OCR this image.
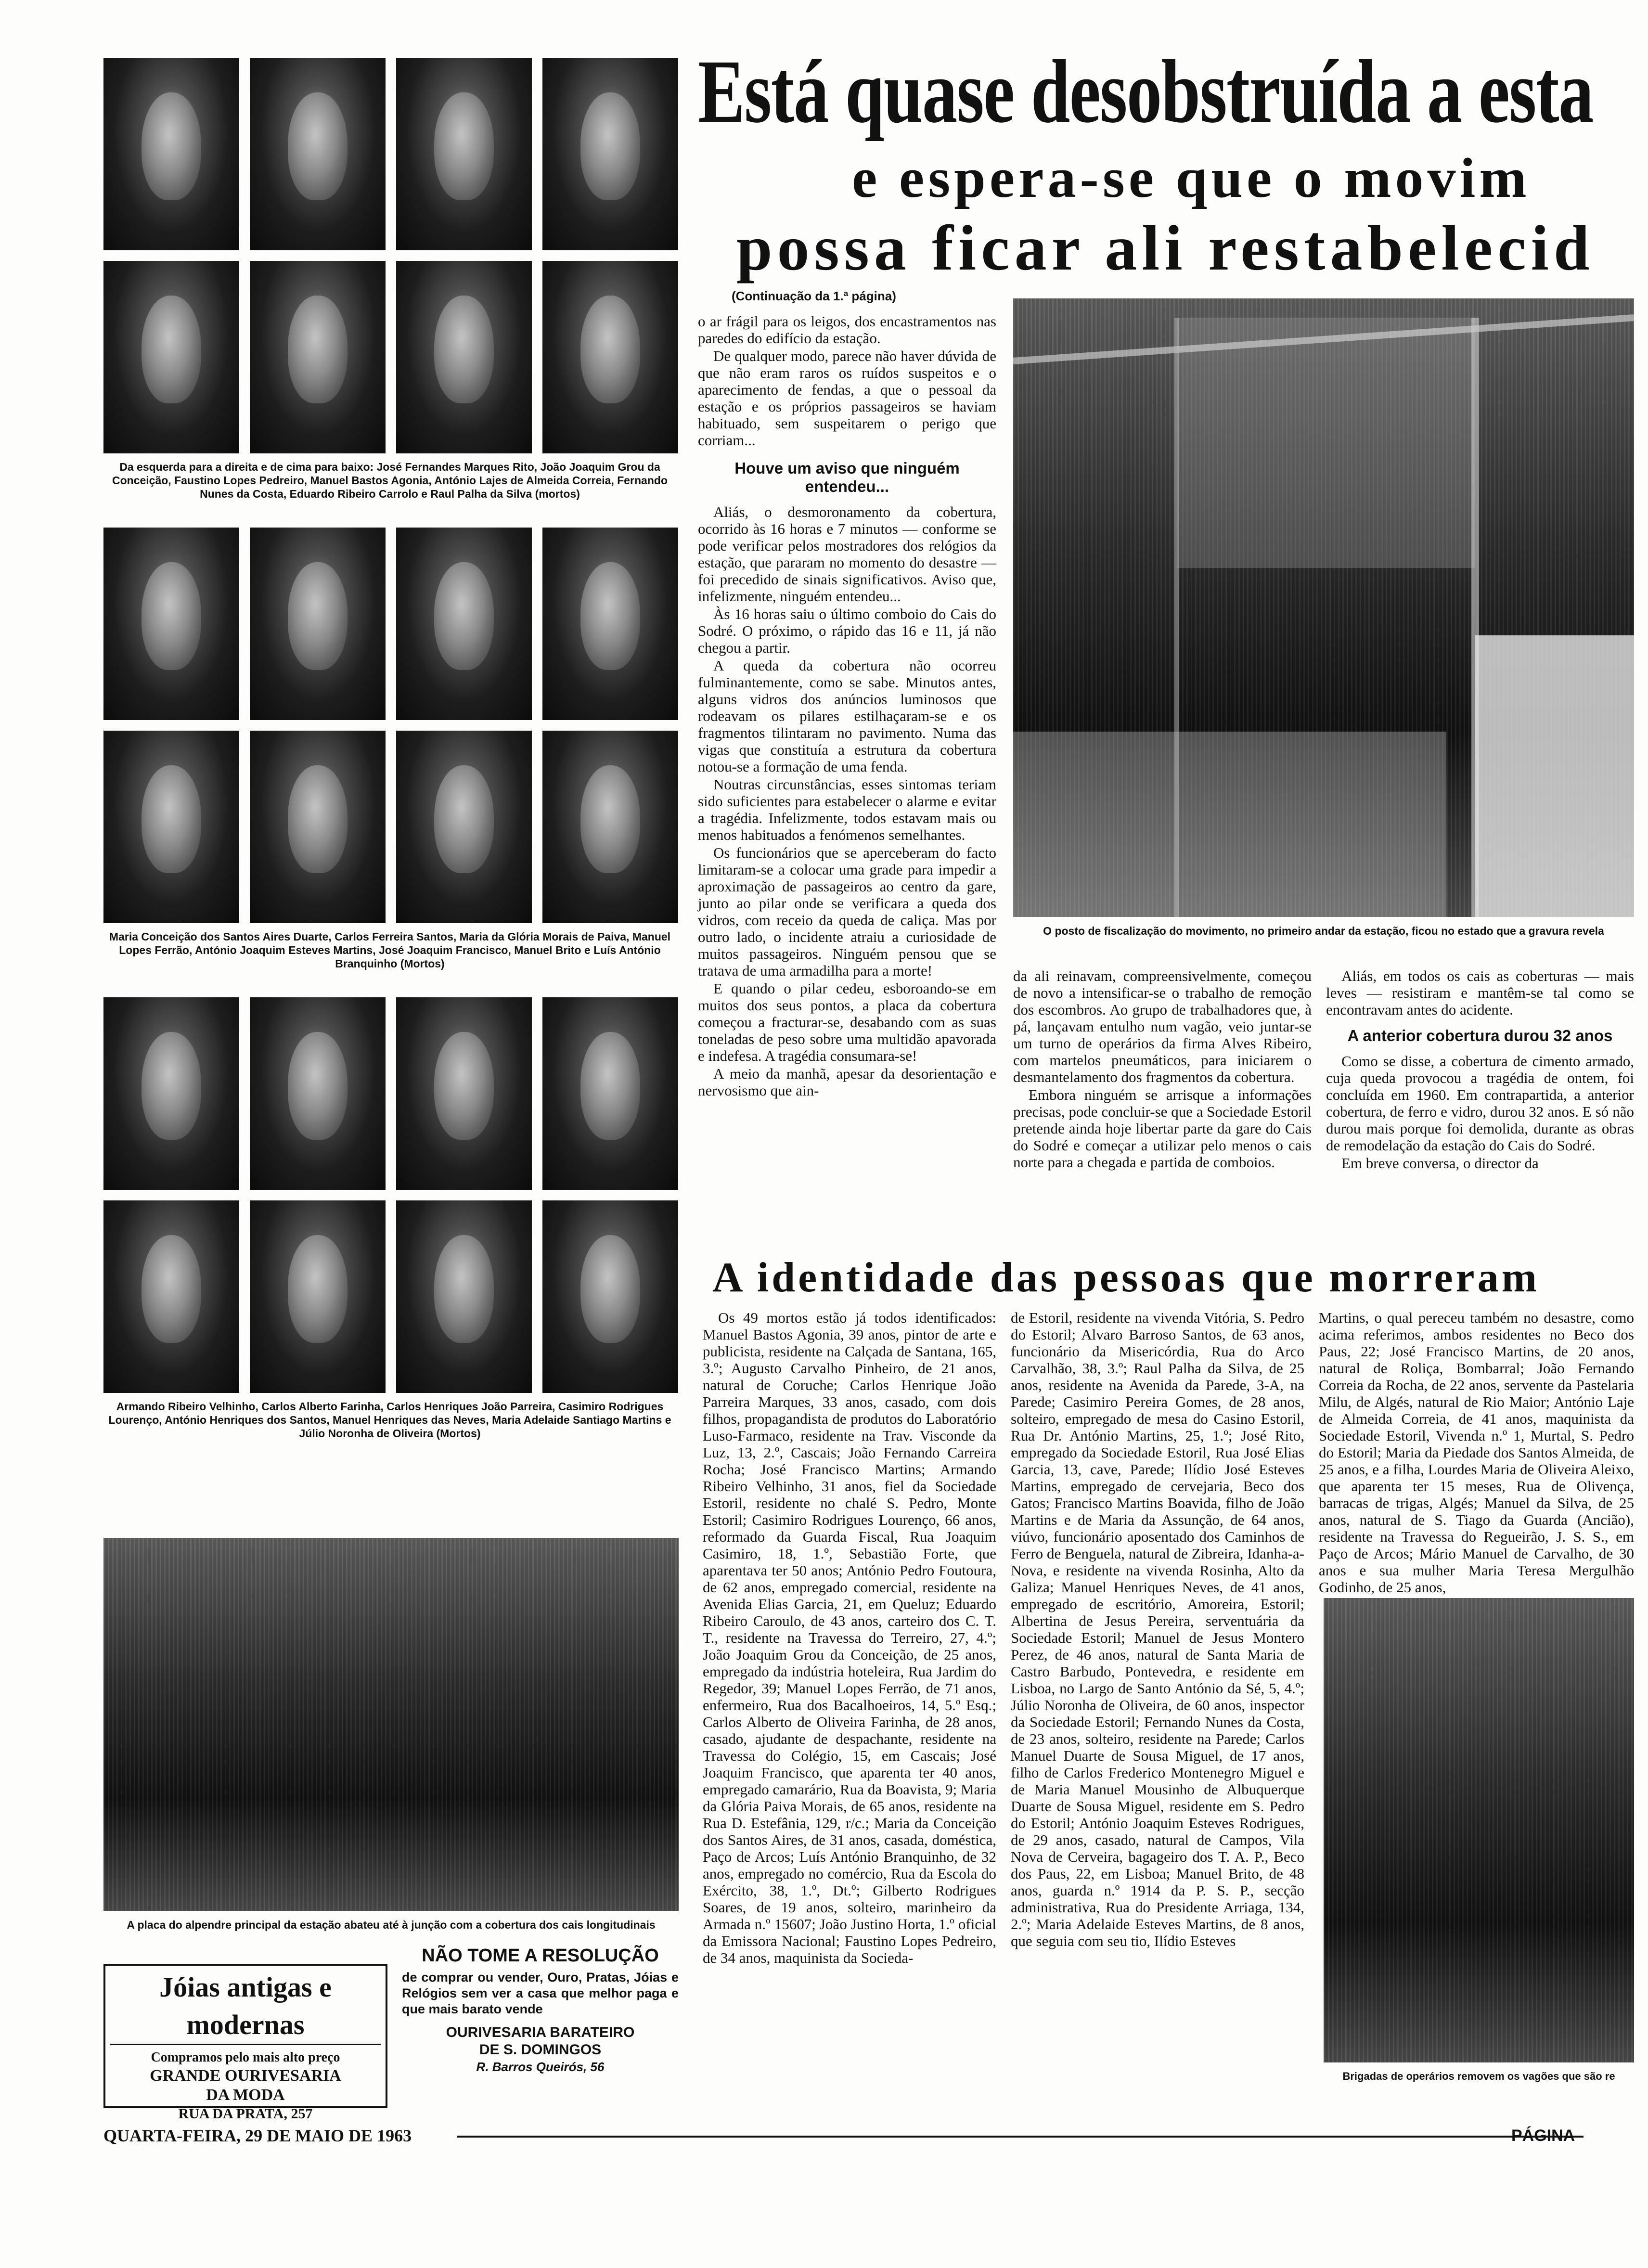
Da esquerda para a direita e de cima para baixo: José Fernandes Marques Rito, João Joaquim Grou da Conceição, Faustino Lopes Pedreiro, Manuel Bastos Agonia, António Lajes de Almeida Correia, Fernando Nunes da Costa, Eduardo Ribeiro Carrolo e Raul Palha da Silva (mortos)
Maria Conceição dos Santos Aires Duarte, Carlos Ferreira Santos, Maria da Glória Morais de Paiva, Manuel Lopes Ferrão, António Joaquim Esteves Martins, José Joaquim Francisco, Manuel Brito e Luís António Branquinho (Mortos)
Armando Ribeiro Velhinho, Carlos Alberto Farinha, Carlos Henriques João Parreira, Casimiro Rodrigues Lourenço, António Henriques dos Santos, Manuel Henriques das Neves, Maria Adelaide Santiago Martins e Júlio Noronha de Oliveira (Mortos)
A placa do alpendre principal da estação abateu até à junção com a cobertura dos cais longitudinais
Jóias antigas e modernas
Compramos pelo mais alto preço
GRANDE OURIVESARIA
DA MODA
RUA DA PRATA, 257
NÃO TOME A RESOLUÇÃO
de comprar ou vender, Ouro, Pratas, Jóias e Relógios sem ver a casa que melhor paga e que mais barato vende
OURIVESARIA BARATEIRO
DE S. DOMINGOS
R. Barros Queirós, 56
Está quase desobstruída a esta
e espera-se que o movim
possa ficar ali restabelecid
(Continuação da 1.ª página)

o ar frágil para os leigos, dos encastramentos nas paredes do edifício da estação.

De qualquer modo, parece não haver dúvida de que não eram raros os ruídos suspeitos e o aparecimento de fendas, a que o pessoal da estação e os próprios passageiros se haviam habituado, sem suspeitarem o perigo que corriam...

Houve um aviso que ninguém entendeu...

Aliás, o desmoronamento da cobertura, ocorrido às 16 horas e 7 minutos — conforme se pode verificar pelos mostradores dos relógios da estação, que pararam no momento do desastre — foi precedido de sinais significativos. Aviso que, infelizmente, ninguém entendeu...

Às 16 horas saiu o último comboio do Cais do Sodré. O próximo, o rápido das 16 e 11, já não chegou a partir.

A queda da cobertura não ocorreu fulminantemente, como se sabe. Minutos antes, alguns vidros dos anúncios luminosos que rodeavam os pilares estilhaçaram-se e os fragmentos tilintaram no pavimento. Numa das vigas que constituía a estrutura da cobertura notou-se a formação de uma fenda.

Noutras circunstâncias, esses sintomas teriam sido suficientes para estabelecer o alarme e evitar a tragédia. Infelizmente, todos estavam mais ou menos habituados a fenómenos semelhantes.

Os funcionários que se aperceberam do facto limitaram-se a colocar uma grade para impedir a aproximação de passageiros ao centro da gare, junto ao pilar onde se verificara a queda dos vidros, com receio da queda de caliça. Mas por outro lado, o incidente atraiu a curiosidade de muitos passageiros. Ninguém pensou que se tratava de uma armadilha para a morte!

E quando o pilar cedeu, esboroando-se em muitos dos seus pontos, a placa da cobertura começou a fracturar-se, desabando com as suas toneladas de peso sobre uma multidão apavorada e indefesa. A tragédia consumara-se!

A meio da manhã, apesar da desorientação e nervosismo que ain-

O posto de fiscalização do movimento, no primeiro andar da estação, ficou no estado que a gravura revela

da ali reinavam, compreensivelmente, começou de novo a intensificar-se o trabalho de remoção dos escombros. Ao grupo de trabalhadores que, à pá, lançavam entulho num vagão, veio juntar-se um turno de operários da firma Alves Ribeiro, com martelos pneumáticos, para iniciarem o desmantelamento dos fragmentos da cobertura.

Embora ninguém se arrisque a informações precisas, pode concluir-se que a Sociedade Estoril pretende ainda hoje libertar parte da gare do Cais do Sodré e começar a utilizar pelo menos o cais norte para a chegada e partida de comboios.

Aliás, em todos os cais as coberturas — mais leves — resistiram e mantêm-se tal como se encontravam antes do acidente.

A anterior cobertura durou 32 anos

Como se disse, a cobertura de cimento armado, cuja queda provocou a tragédia de ontem, foi concluída em 1960. Em contrapartida, a anterior cobertura, de ferro e vidro, durou 32 anos. E só não durou mais porque foi demolida, durante as obras de remodelação da estação do Cais do Sodré.

Em breve conversa, o director da

A identidade das pessoas que morreram

Os 49 mortos estão já todos identificados: Manuel Bastos Agonia, 39 anos, pintor de arte e publicista, residente na Calçada de Santana, 165, 3.º; Augusto Carvalho Pinheiro, de 21 anos, natural de Coruche; Carlos Henrique João Parreira Marques, 33 anos, casado, com dois filhos, propagandista de produtos do Laboratório Luso-Farmaco, residente na Trav. Visconde da Luz, 13, 2.º, Cascais; João Fernando Carreira Rocha; José Francisco Martins; Armando Ribeiro Velhinho, 31 anos, fiel da Sociedade Estoril, residente no chalé S. Pedro, Monte Estoril; Casimiro Rodrigues Lourenço, 66 anos, reformado da Guarda Fiscal, Rua Joaquim Casimiro, 18, 1.º, Sebastião Forte, que aparentava ter 50 anos; António Pedro Foutoura, de 62 anos, empregado comercial, residente na Avenida Elias Garcia, 21, em Queluz; Eduardo Ribeiro Caroulo, de 43 anos, carteiro dos C. T. T., residente na Travessa do Terreiro, 27, 4.º; João Joaquim Grou da Conceição, de 25 anos, empregado da indústria hoteleira, Rua Jardim do Regedor, 39; Manuel Lopes Ferrão, de 71 anos, enfermeiro, Rua dos Bacalhoeiros, 14, 5.º Esq.; Carlos Alberto de Oliveira Farinha, de 28 anos, casado, ajudante de despachante, residente na Travessa do Colégio, 15, em Cascais; José Joaquim Francisco, que aparenta ter 40 anos, empregado camarário, Rua da Boavista, 9; Maria da Glória Paiva Morais, de 65 anos, residente na Rua D. Estefânia, 129, r/c.; Maria da Conceição dos Santos Aires, de 31 anos, casada, doméstica, Paço de Arcos; Luís António Branquinho, de 32 anos, empregado no comércio, Rua da Escola do Exército, 38, 1.º, Dt.º; Gilberto Rodrigues Soares, de 19 anos, solteiro, marinheiro da Armada n.º 15607; João Justino Horta, 1.º oficial da Emissora Nacional; Faustino Lopes Pedreiro, de 34 anos, maquinista da Socieda-

de Estoril, residente na vivenda Vitória, S. Pedro do Estoril; Alvaro Barroso Santos, de 63 anos, funcionário da Misericórdia, Rua do Arco Carvalhão, 38, 3.º; Raul Palha da Silva, de 25 anos, residente na Avenida da Parede, 3-A, na Parede; Casimiro Pereira Gomes, de 28 anos, solteiro, empregado de mesa do Casino Estoril, Rua Dr. António Martins, 25, 1.º; José Rito, empregado da Sociedade Estoril, Rua José Elias Garcia, 13, cave, Parede; Ilídio José Esteves Martins, empregado de cervejaria, Beco dos Gatos; Francisco Martins Boavida, filho de João Martins e de Maria da Assunção, de 64 anos, viúvo, funcionário aposentado dos Caminhos de Ferro de Benguela, natural de Zibreira, Idanha-a-Nova, e residente na vivenda Rosinha, Alto da Galiza; Manuel Henriques Neves, de 41 anos, empregado de escritório, Amoreira, Estoril; Albertina de Jesus Pereira, serventuária da Sociedade Estoril; Manuel de Jesus Montero Perez, de 46 anos, natural de Santa Maria de Castro Barbudo, Pontevedra, e residente em Lisboa, no Largo de Santo António da Sé, 5, 4.º; Júlio Noronha de Oliveira, de 60 anos, inspector da Sociedade Estoril; Fernando Nunes da Costa, de 23 anos, solteiro, residente na Parede; Carlos Manuel Duarte de Sousa Miguel, de 17 anos, filho de Carlos Frederico Montenegro Miguel e de Maria Manuel Mousinho de Albuquerque Duarte de Sousa Miguel, residente em S. Pedro do Estoril; António Joaquim Esteves Rodrigues, de 29 anos, casado, natural de Campos, Vila Nova de Cerveira, bagageiro dos T. A. P., Beco dos Paus, 22, em Lisboa; Manuel Brito, de 48 anos, guarda n.º 1914 da P. S. P., secção administrativa, Rua do Presidente Arriaga, 134, 2.º; Maria Adelaide Esteves Martins, de 8 anos, que seguia com seu tio, Ilídio Esteves

Martins, o qual pereceu também no desastre, como acima referimos, ambos residentes no Beco dos Paus, 22; José Francisco Martins, de 20 anos, natural de Roliça, Bombarral; João Fernando Correia da Rocha, de 22 anos, servente da Pastelaria Milu, de Algés, natural de Rio Maior; António Laje de Almeida Correia, de 41 anos, maquinista da Sociedade Estoril, Vivenda n.º 1, Murtal, S. Pedro do Estoril; Maria da Piedade dos Santos Almeida, de 25 anos, e a filha, Lourdes Maria de Oliveira Aleixo, que aparenta ter 15 meses, Rua de Olivença, barracas de trigas, Algés; Manuel da Silva, de 25 anos, natural de S. Tiago da Guarda (Ancião), residente na Travessa do Regueirão, J. S. S., em Paço de Arcos; Mário Manuel de Carvalho, de 30 anos e sua mulher Maria Teresa Mergulhão Godinho, de 25 anos,

Brigadas de operários removem os vagões que são re
QUARTA-FEIRA, 29 DE MAIO DE 1963	PÁGINA
